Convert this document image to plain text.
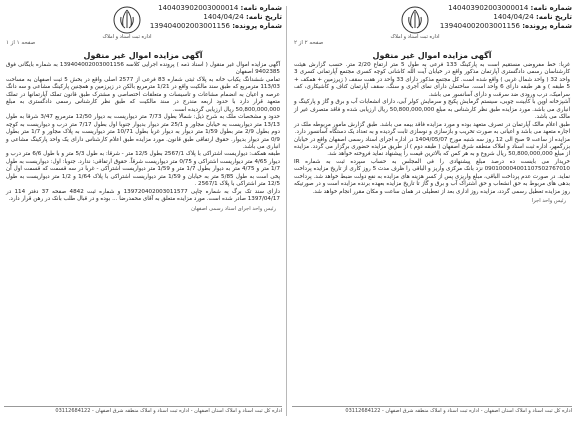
شماره نامه: 140403902003000014
تاریخ نامه: 1404/04/24
شماره پرونده: 139404002003001156
اداره ثبت اسناد و املاک
صفحه ۱ از ۱
آگهی مزایده اموال غیر منقول

آگهی مزایده اموال غیر منقول ( اسناد ذمه ) پرونده اجرایی کلاسه 139404002003001156 به شماره بایگانی فوق 9402385 اصفهان

تمامی ششدانگ یکباب خانه به پلاک ثبتی شماره 83 فرعی از 2577 اصلی واقع در بخش 5 ثبت اصفهان به مساحت 113/03 مترمربع که طبق سند مالکیت واقع در 1/21 مترمربع بالکن در زیرزمین و همچنین پارکینگ مشاعی و سه دانگ عرصه و اعیان به انضمام مشاعات و تاسیسات و متعلقات اختصاصی و مشترک طبق قانون تملک آپارتمانها در تملک متعهد قرار دارد با حدود اربعه مندرج در سند مالکیت که طبق نظر کارشناس رسمی دادگستری به مبلغ 50,800,000,000 ریال ارزیابی گردیده است.

حدود و مشخصات ملک به شرح ذیل: شمالا بطول 7/73 متر دیواریست به دیوار 12/50 مترمربع 3/47 شرقا به طول 13/13 متر دیواریست به خیابان مجاور و 25/1 متر دیوار بدیوار جنوبا اول بطول 7/17 متر درب و دیواریست به کوچه دوم بطول 2/9 متر بطول 1/59 متر دیوار به دیوار غربا بطول 10/71 متر دیواریست به پلاک مجاور و 1/7 متر بطول 0/9 متر دیوار بدیوار. حقوق ارتفاقی طبق قانون. مورد مزایده طبق اعلام کارشناس دارای یک واحد پارکینگ مشاعی و انباری می باشد.

طبقه همکف: دیواریست اشتراکی با پلاک 2567/1 بطول 12/5 متر - شرقا: به طول 5/3 متر و با طول 6/6 متر درب و دیوار 4/65 متر دیواریست اشتراکی و 0/75 متر دیواریست شرقاً. حقوق ارتفاقی: ندارد. جنوبا: اول: دیواریست به طول 1/7 متر و 4/75 متر به دیوار بطول 1/7 متر و 1/59 متر دیواریست اشتراکی - غربا در سه قسمت که قسمت اول آن پخی است به طول 5/85 متر به خیابان و 1/59 متر دیواریست اشتراکی با پلاک 1/64 و 1/2 متر دیواریست به طول 12/5 متر اشتراکی با پلاک 2567/1 .

دارای سند تک برگ به شماره چاپی 139720402003011577 و شماره ثبت 4842 صفحه 37 دفتر 114 در 1397/04/17 صادر شده است. مورد مزایده متعلق به آقای محمدرضا ... بوده و در قبال طلب بانک در رهن قرار دارد.

رئیس واحد اجرای اسناد رسمی اصفهان
اداره کل ثبت اسناد و املاک استان اصفهان - اداره ثبت اسناد و املاک منطقه شرق اصفهان - 03112684122
شماره نامه: 140403902003000014
تاریخ نامه: 1404/04/24
شماره پرونده: 139404002003001156
اداره ثبت اسناد و املاک
صفحه ۲ از ۲
آگهی مزایده اموال غیر منقول

غربا: خط مفروضی مستقیم است به پارکینگ 133 فرعی به طول 5 متر ارتفاع 2/20 متر. حسب گزارش هیئت کارشناسان رسمی دادگستری آپارتمان مذکور واقع در خیابان آیت الله کاشانی کوچه کسری مجتمع آپارتمانی کسری 3 واحد 32 ( واحد شمال غربی ) واقع شده است. کل مجتمع مذکور دارای 33 واحد در هفت سقف ( زیرزمین + همکف + 5 طبقه ) و هر طبقه دارای 6 واحد است. ساختمان دارای نمای آجری و سنگ، سقف آپارتمان کناف و کاشیکاری، کف سرامیک، درب ورودی ضد سرقت و دارای آسانسور می باشد.

آشپزخانه اوپن با کابینت چوبی، سیستم گرمایش پکیج و سرمایش کولر آبی، دارای انشعابات آب و برق و گاز و پارکینگ و انباری می باشد. مورد مزایده طبق نظر کارشناس به مبلغ 50,800,000,000 ریال ارزیابی شده و فاقد متصرف غیر از مالک می باشد.

طبق اعلام مالک آپارتمان در تصرف متعهد بوده و مورد مزایده فاقد بیمه می باشد. طبق گزارش مامور مربوطه ملک در اجاره متعهد می باشد و اعیانی به صورت تخریب و بازسازی و نوسازی ثابت گردیده و به تعداد یک دستگاه آسانسور دارد.

مزایده از ساعت 9 صبح الی 12 روز سه شنبه مورخ 1404/05/07 در اداره اجرای اسناد رسمی اصفهان واقع در خیابان بزرگمهر، اداره ثبت اسناد و املاک منطقه شرق اصفهان ( طبقه دوم ) از طریق مزایده حضوری برگزار می گردد. مزایده از مبلغ 50,800,000,000 ریال شروع و به هر کس که بالاترین قیمت را پیشنهاد نماید فروخته خواهد شد.

خریدار می بایست ده درصد مبلغ پیشنهادی را فی المجلس به حساب سپرده ثبت به شماره IR 090100004001107502767010 نزد بانک مرکزی واریز و الباقی را ظرف مدت 5 روز کاری از تاریخ مزایده پرداخت نماید. در صورت عدم پرداخت الباقی، مبلغ واریزی پس از کسر هزینه های مزایده به نفع دولت ضبط خواهد شد. پرداخت بدهی های مربوط به حق انشعاب و حق اشتراک آب و برق و گاز تا تاریخ مزایده بعهده برنده مزایده است و در صورتیکه روز مزایده تعطیل رسمی گردد، مزایده روز اداری بعد از تعطیلی در همان ساعت و مکان مقرر انجام خواهد شد.

رئیس واحد اجرا
اداره کل ثبت اسناد و املاک استان اصفهان - اداره ثبت اسناد و املاک منطقه شرق اصفهان - 03112684122
